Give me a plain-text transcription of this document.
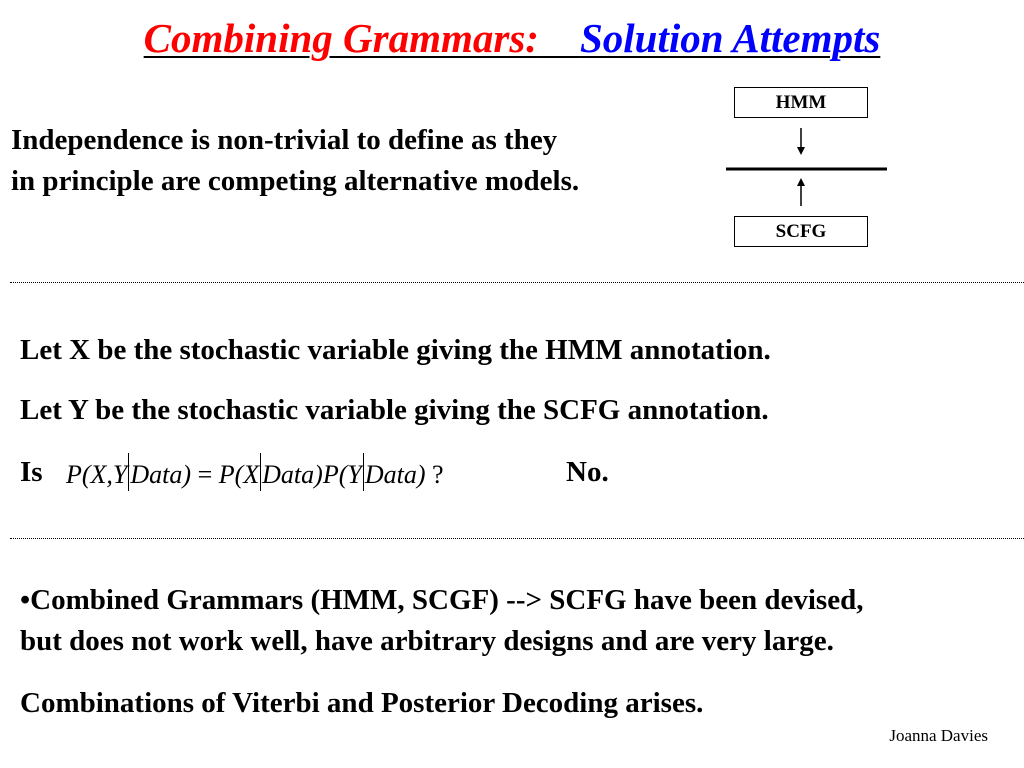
Combining Grammars: Solution Attempts
Independence is non-trivial to define as they
in principle are competing alternative models.
HMM
SCFG
Let X be the stochastic variable giving the HMM annotation.
Let Y be the stochastic variable giving the SCFG annotation.
Is P(X,Y Data) = P(X Data)P(Y Data) ?	No.
•Combined Grammars (HMM, SCGF) --> SCFG have been devised,
but does not work well, have arbitrary designs and are very large.
Combinations of Viterbi and Posterior Decoding arises.
Joanna Davies
